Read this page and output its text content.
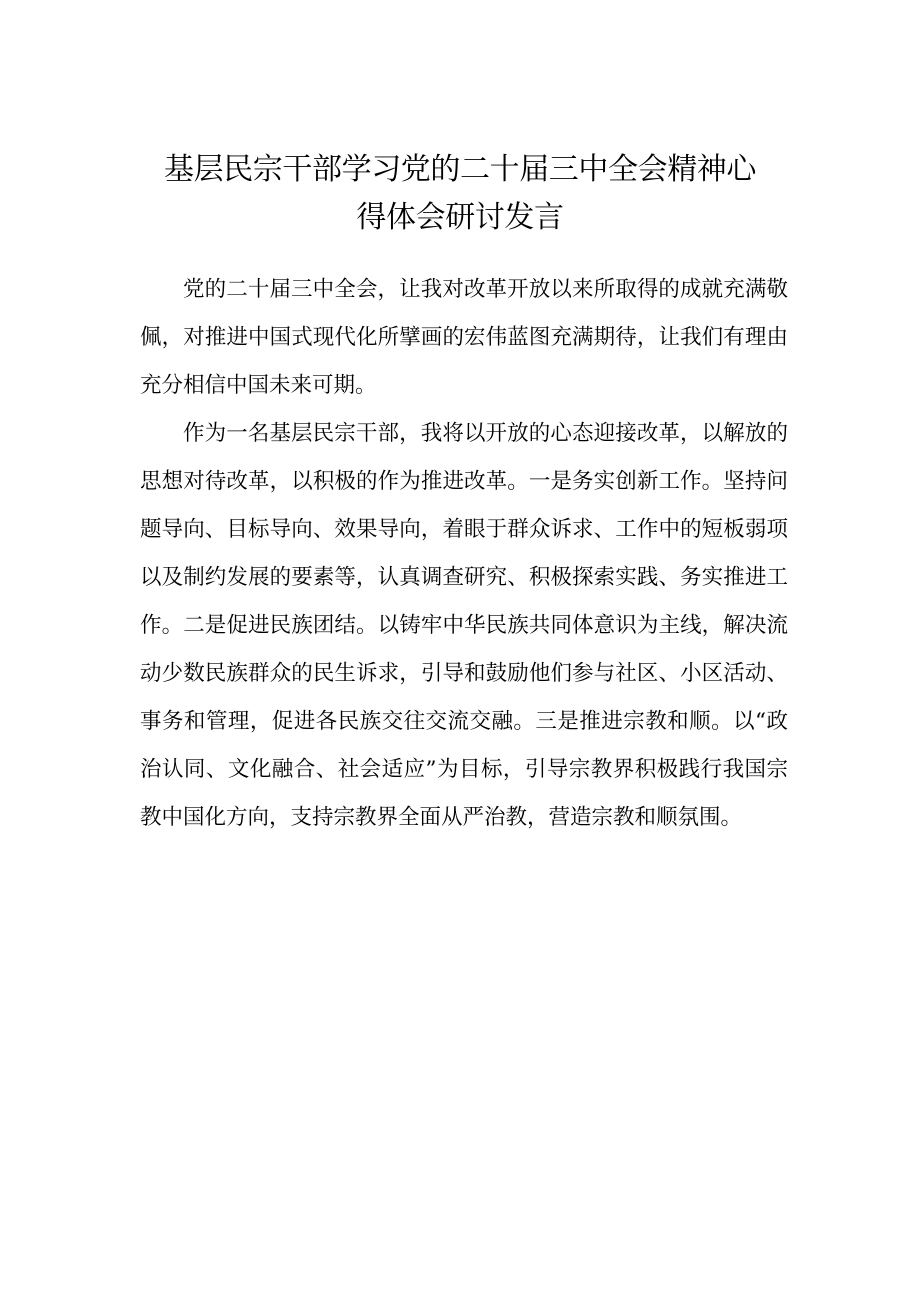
基层民宗干部学习党的二十届三中全会精神心
得体会研讨发言

党的二十届三中全会，让我对改革开放以来所取得的成就充满敬佩，对推进中国式现代化所擘画的宏伟蓝图充满期待，让我们有理由充分相信中国未来可期。

作为一名基层民宗干部，我将以开放的心态迎接改革，以解放的思想对待改革，以积极的作为推进改革。一是务实创新工作。坚持问题导向、目标导向、效果导向，着眼于群众诉求、工作中的短板弱项以及制约发展的要素等，认真调查研究、积极探索实践、务实推进工作。二是促进民族团结。以铸牢中华民族共同体意识为主线，解决流动少数民族群众的民生诉求，引导和鼓励他们参与社区、小区活动、事务和管理，促进各民族交往交流交融。三是推进宗教和顺。以“政治认同、文化融合、社会适应”为目标，引导宗教界积极践行我国宗教中国化方向，支持宗教界全面从严治教，营造宗教和顺氛围。
